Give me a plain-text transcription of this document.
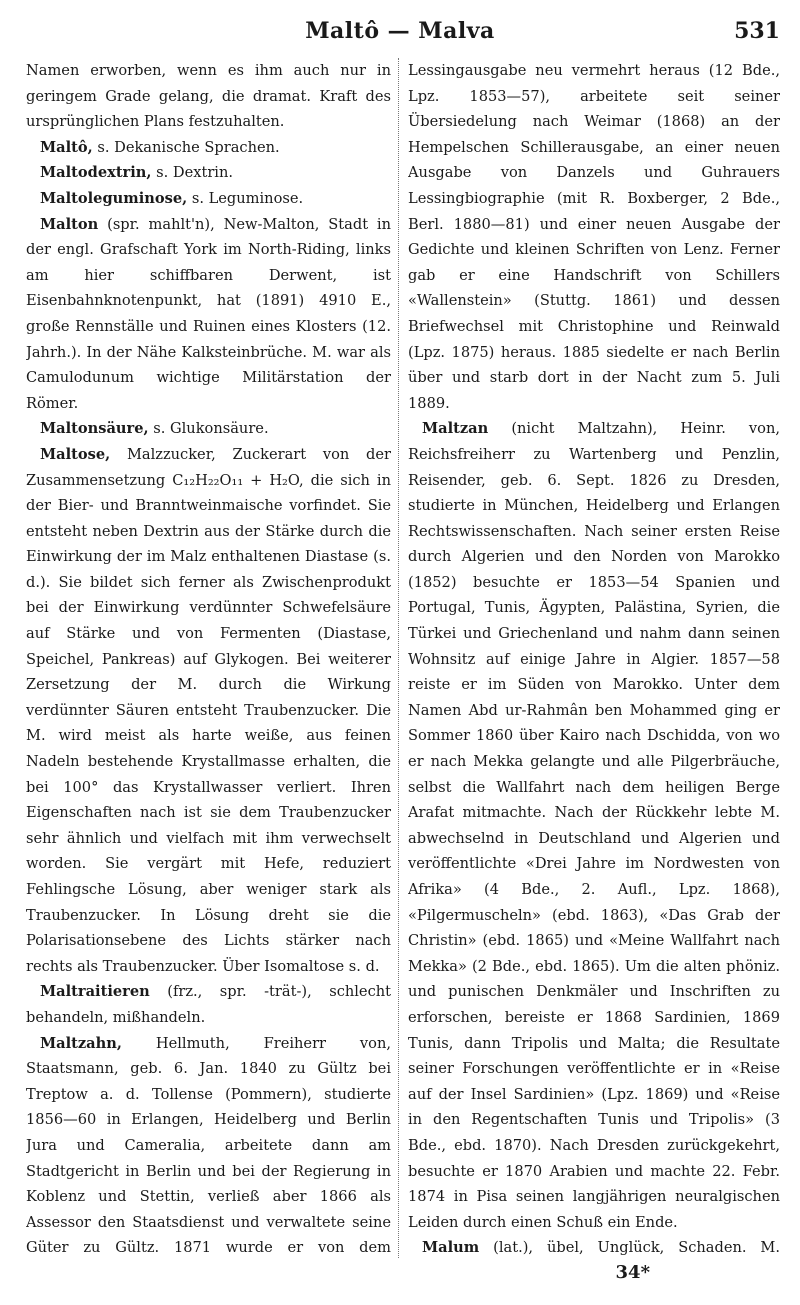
Maltô — Malva	531

Namen erworben, wenn es ihm auch nur in geringem Grade gelang, die dramat. Kraft des ursprünglichen Plans festzuhalten.

Maltô, s. Dekanische Sprachen.

Maltodextrin, s. Dextrin.

Maltoleguminose, s. Leguminose.

Malton (spr. mahlt'n), New-Malton, Stadt in der engl. Grafschaft York im North-Riding, links am hier schiffbaren Derwent, ist Eisenbahnknotenpunkt, hat (1891) 4910 E., große Rennställe und Ruinen eines Klosters (12. Jahrh.). In der Nähe Kalksteinbrüche. M. war als Camulodunum wichtige Militärstation der Römer.

Maltonsäure, s. Glukonsäure.

Maltose, Malzzucker, Zuckerart von der Zusammensetzung C₁₂H₂₂O₁₁ + H₂O, die sich in der Bier- und Branntweinmaische vorfindet. Sie entsteht neben Dextrin aus der Stärke durch die Einwirkung der im Malz enthaltenen Diastase (s. d.). Sie bildet sich ferner als Zwischenprodukt bei der Einwirkung verdünnter Schwefelsäure auf Stärke und von Fermenten (Diastase, Speichel, Pankreas) auf Glykogen. Bei weiterer Zersetzung der M. durch die Wirkung verdünnter Säuren entsteht Traubenzucker. Die M. wird meist als harte weiße, aus feinen Nadeln bestehende Krystallmasse erhalten, die bei 100° das Krystallwasser verliert. Ihren Eigenschaften nach ist sie dem Traubenzucker sehr ähnlich und vielfach mit ihm verwechselt worden. Sie vergärt mit Hefe, reduziert Fehlingsche Lösung, aber weniger stark als Traubenzucker. In Lösung dreht sie die Polarisationsebene des Lichts stärker nach rechts als Traubenzucker. Über Isomaltose s. d.

Maltraitieren (frz., spr. -trät-), schlecht behandeln, mißhandeln.

Maltzahn, Hellmuth, Freiherr von, Staatsmann, geb. 6. Jan. 1840 zu Gültz bei Treptow a. d. Tollense (Pommern), studierte 1856—60 in Erlangen, Heidelberg und Berlin Jura und Cameralia, arbeitete dann am Stadtgericht in Berlin und bei der Regierung in Koblenz und Stettin, verließ aber 1866 als Assessor den Staatsdienst und verwaltete seine Güter zu Gültz. 1871 wurde er von dem

Lessingausgabe neu vermehrt heraus (12 Bde., Lpz. 1853—57), arbeitete seit seiner Übersiedelung nach Weimar (1868) an der Hempelschen Schillerausgabe, an einer neuen Ausgabe von Danzels und Guhrauers Lessingbiographie (mit R. Boxberger, 2 Bde., Berl. 1880—81) und einer neuen Ausgabe der Gedichte und kleinen Schriften von Lenz. Ferner gab er eine Handschrift von Schillers «Wallenstein» (Stuttg. 1861) und dessen Briefwechsel mit Christophine und Reinwald (Lpz. 1875) heraus. 1885 siedelte er nach Berlin über und starb dort in der Nacht zum 5. Juli 1889.

Maltzan (nicht Maltzahn), Heinr. von, Reichsfreiherr zu Wartenberg und Penzlin, Reisender, geb. 6. Sept. 1826 zu Dresden, studierte in München, Heidelberg und Erlangen Rechtswissenschaften. Nach seiner ersten Reise durch Algerien und den Norden von Marokko (1852) besuchte er 1853—54 Spanien und Portugal, Tunis, Ägypten, Palästina, Syrien, die Türkei und Griechenland und nahm dann seinen Wohnsitz auf einige Jahre in Algier. 1857—58 reiste er im Süden von Marokko. Unter dem Namen Abd ur-Rahmân ben Mohammed ging er Sommer 1860 über Kairo nach Dschidda, von wo er nach Mekka gelangte und alle Pilgerbräuche, selbst die Wallfahrt nach dem heiligen Berge Arafat mitmachte. Nach der Rückkehr lebte M. abwechselnd in Deutschland und Algerien und veröffentlichte «Drei Jahre im Nordwesten von Afrika» (4 Bde., 2. Aufl., Lpz. 1868), «Pilgermuscheln» (ebd. 1863), «Das Grab der Christin» (ebd. 1865) und «Meine Wallfahrt nach Mekka» (2 Bde., ebd. 1865). Um die alten phöniz. und punischen Denkmäler und Inschriften zu erforschen, bereiste er 1868 Sardinien, 1869 Tunis, dann Tripolis und Malta; die Resultate seiner Forschungen veröffentlichte er in «Reise auf der Insel Sardinien» (Lpz. 1869) und «Reise in den Regentschaften Tunis und Tripolis» (3 Bde., ebd. 1870). Nach Dresden zurückgekehrt, besuchte er 1870 Arabien und machte 22. Febr. 1874 in Pisa seinen langjährigen neuralgischen Leiden durch einen Schuß ein Ende.

Malum (lat.), übel, Unglück, Schaden. M.

34*
